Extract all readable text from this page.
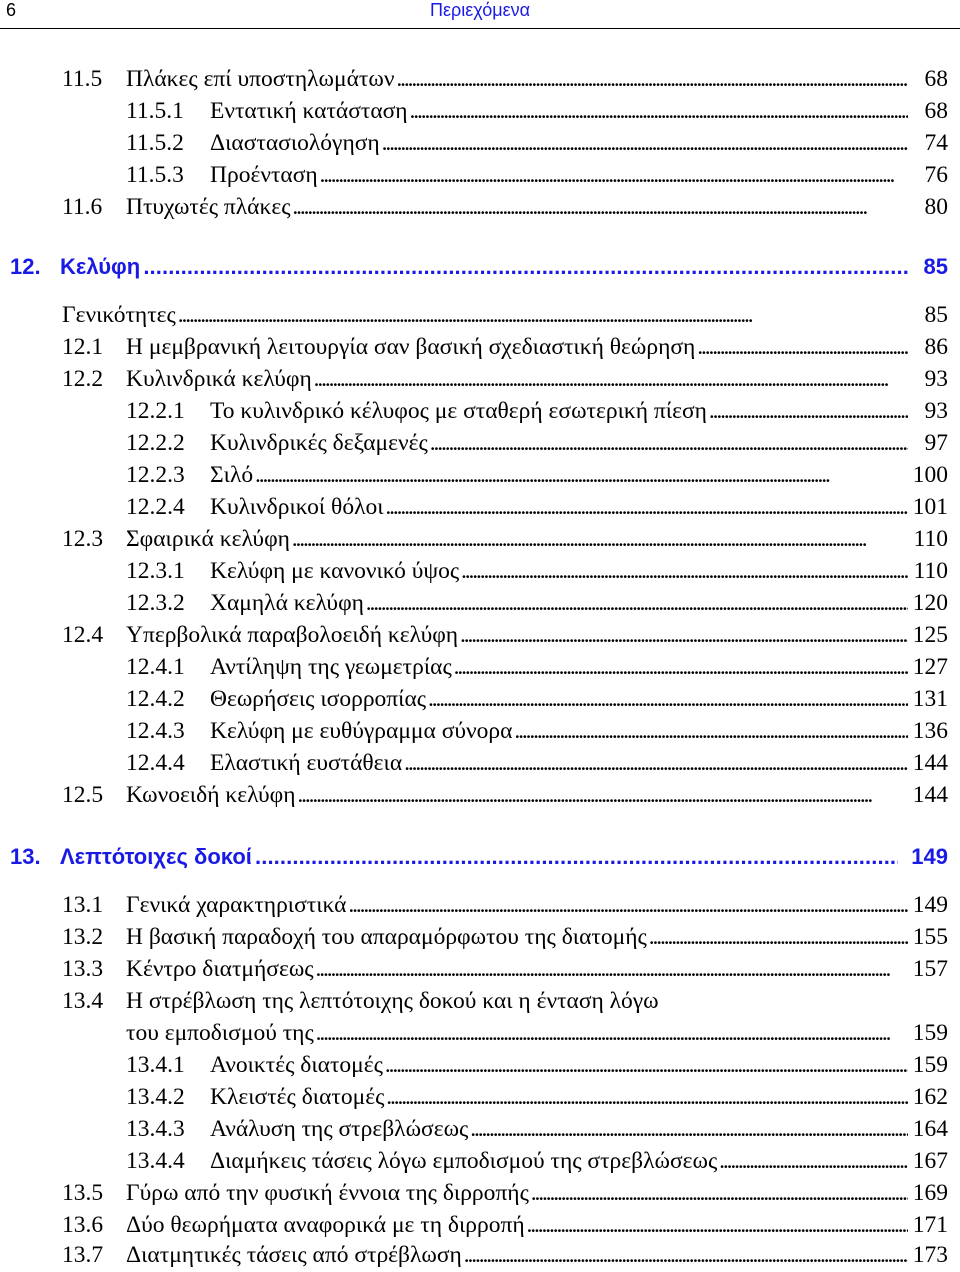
6	Περιεχόμενα
11.5 Πλάκες επί υποστηλωμάτων . . .	68
11.5.1 Εντατική κατάσταση . . .	68
11.5.2 Διαστασιολόγηση . . .	74
11.5.3 Προένταση . . .	76
11.6 Πτυχωτές πλάκες . . .	80
12. Κελύφη . . .	85
Γενικότητες . . .	85
12.1 Η μεμβρανική λειτουργία σαν βασική σχεδιαστική θεώρηση . . .	86
12.2 Κυλινδρικά κελύφη . . .	93
12.2.1 Το κυλινδρικό κέλυφος με σταθερή εσωτερική πίεση . . .	93
12.2.2 Κυλινδρικές δεξαμενές . . .	97
12.2.3 Σιλό . . .	100
12.2.4 Κυλινδρικοί θόλοι . . .	101
12.3 Σφαιρικά κελύφη . . .	110
12.3.1 Κελύφη με κανονικό ύψος . . .	110
12.3.2 Χαμηλά κελύφη . . .	120
12.4 Υπερβολικά παραβολοειδή κελύφη . . .	125
12.4.1 Αντίληψη της γεωμετρίας . . .	127
12.4.2 Θεωρήσεις ισορροπίας . . .	131
12.4.3 Κελύφη με ευθύγραμμα σύνορα . . .	136
12.4.4 Ελαστική ευστάθεια . . .	144
12.5 Κωνοειδή κελύφη . . .	144
13. Λεπτότοιχες δοκοί . . .	149
13.1 Γενικά χαρακτηριστικά . . .	149
13.2 Η βασική παραδοχή του απαραμόρφωτου της διατομής . . .	155
13.3 Κέντρο διατμήσεως . . .	157
13.4 Η στρέβλωση της λεπτότοιχης δοκού και η ένταση λόγω
του εμποδισμού της . . .	159
13.4.1 Ανοικτές διατομές . . .	159
13.4.2 Κλειστές διατομές . . .	162
13.4.3 Ανάλυση της στρεβλώσεως . . .	164
13.4.4 Διαμήκεις τάσεις λόγω εμποδισμού της στρεβλώσεως . . .	167
13.5 Γύρω από την φυσική έννοια της διρροπής . . .	169
13.6 Δύο θεωρήματα αναφορικά με τη διρροπή . . .	171
13.7 Διατμητικές τάσεις από στρέβλωση . . .	173
